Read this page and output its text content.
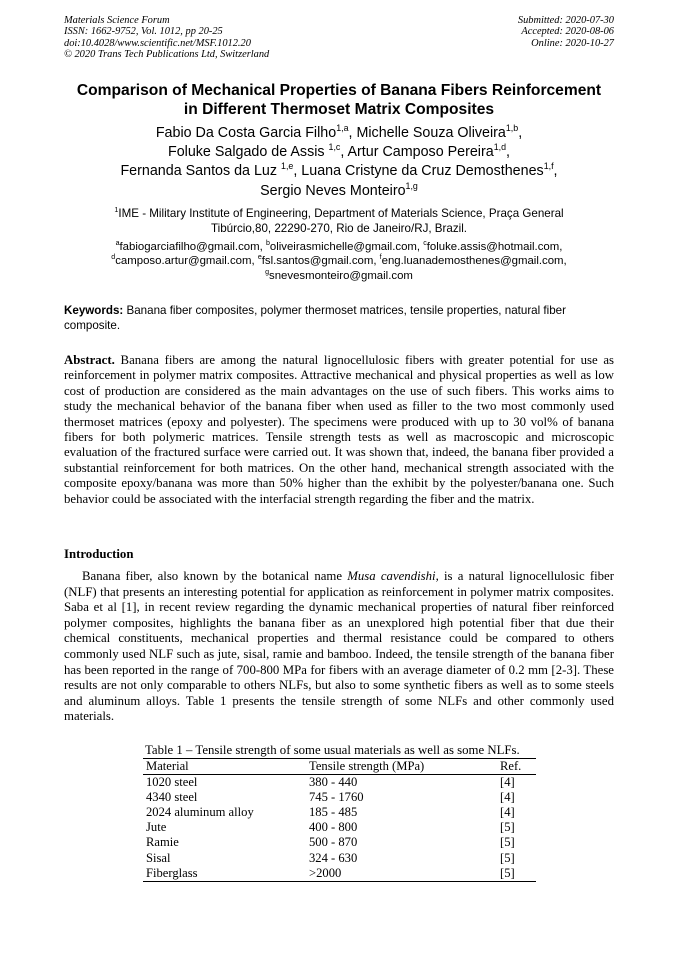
Materials Science Forum
ISSN: 1662-9752, Vol. 1012, pp 20-25
doi:10.4028/www.scientific.net/MSF.1012.20
© 2020 Trans Tech Publications Ltd, Switzerland
Submitted: 2020-07-30
Accepted: 2020-08-06
Online: 2020-10-27
Comparison of Mechanical Properties of Banana Fibers Reinforcement
in Different Thermoset Matrix Composites
Fabio Da Costa Garcia Filho$^{1,a}$, Michelle Souza Oliveira$^{1,b}$,
Foluke Salgado de Assis $^{1,c}$, Artur Camposo Pereira$^{1,d}$,
Fernanda Santos da Luz $^{1,e}$, Luana Cristyne da Cruz Demosthenes$^{1,f}$,
Sergio Neves Monteiro$^{1,g}$
$^1$IME - Military Institute of Engineering, Department of Materials Science, Praça General
Tibúrcio,80, 22290-270, Rio de Janeiro/RJ, Brazil.
$^a$fabiogarciafilho@gmail.com, $^b$oliveirasmichelle@gmail.com, $^c$foluke.assis@hotmail.com,
$^d$camposo.artur@gmail.com, $^e$fsl.santos@gmail.com, $^f$eng.luanademosthenes@gmail.com,
$^g$snevesmonteiro@gmail.com
Keywords: Banana fiber composites, polymer thermoset matrices, tensile properties, natural fiber composite.
Abstract. Banana fibers are among the natural lignocellulosic fibers with greater potential for use as reinforcement in polymer matrix composites. Attractive mechanical and physical properties as well as low cost of production are considered as the main advantages on the use of such fibers. This works aims to study the mechanical behavior of the banana fiber when used as filler to the two most commonly used thermoset matrices (epoxy and polyester). The specimens were produced with up to 30 vol% of banana fibers for both polymeric matrices. Tensile strength tests as well as macroscopic and microscopic evaluation of the fractured surface were carried out. It was shown that, indeed, the banana fiber provided a substantial reinforcement for both matrices. On the other hand, mechanical strength associated with the composite epoxy/banana was more than 50% higher than the exhibit by the polyester/banana one. Such behavior could be associated with the interfacial strength regarding the fiber and the matrix.
Introduction

Banana fiber, also known by the botanical name Musa cavendishi, is a natural lignocellulosic fiber (NLF) that presents an interesting potential for application as reinforcement in polymer matrix composites. Saba et al [1], in recent review regarding the dynamic mechanical properties of natural fiber reinforced polymer composites, highlights the banana fiber as an unexplored high potential fiber that due their chemical constituents, mechanical properties and thermal resistance could be compared to others commonly used NLF such as jute, sisal, ramie and bamboo. Indeed, the tensile strength of the banana fiber has been reported in the range of 700-800 MPa for fibers with an average diameter of 0.2 mm [2-3]. These results are not only comparable to others NLFs, but also to some synthetic fibers as well as to some steels and aluminum alloys. Table 1 presents the tensile strength of some NLFs and other commonly used materials.

Table 1 – Tensile strength of some usual materials as well as some NLFs.
Material	Tensile strength (MPa)	Ref.
1020 steel	380 - 440	[4]
4340 steel	745 - 1760	[4]
2024 aluminum alloy	185 - 485	[4]
Jute	400 - 800	[5]
Ramie	500 - 870	[5]
Sisal	324 - 630	[5]
Fiberglass	>2000	[5]
